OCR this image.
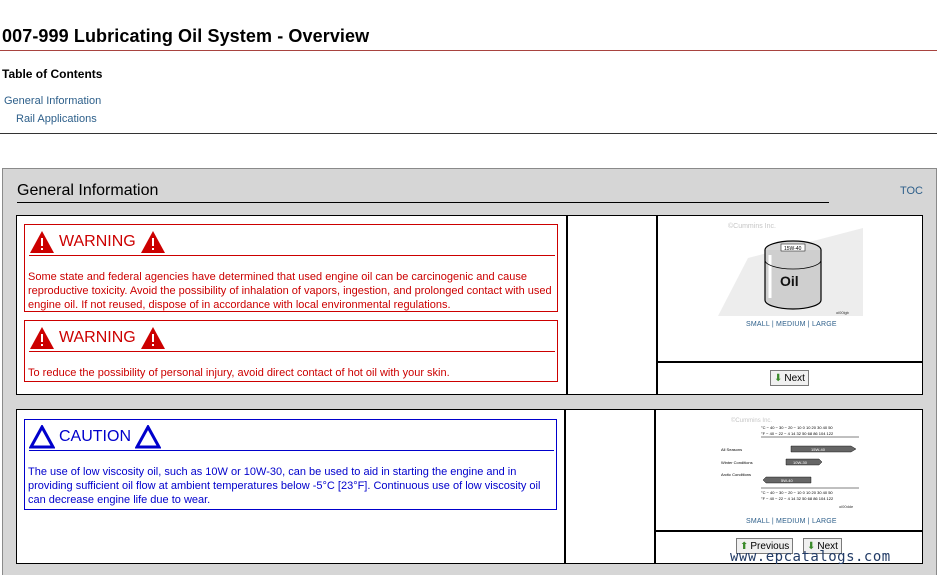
007-999 Lubricating Oil System - Overview
Table of Contents
General Information
Rail Applications
General Information	TOC
WARNING
Some state and federal agencies have determined that used engine oil can be carcinogenic and cause reproductive toxicity. Avoid the possibility of inhalation of vapors, ingestion, and prolonged contact with used engine oil. If not reused, dispose of in accordance with local environmental regulations.
WARNING
To reduce the possibility of personal injury, avoid direct contact of hot oil with your skin.
©Cummins Inc.
15W-40
Oil
oi00lgb
SMALL | MEDIUM | LARGE
⬇ Next
CAUTION
The use of low viscosity oil, such as 10W or 10W-30, can be used to aid in starting the engine and in providing sufficient oil flow at ambient temperatures below -5°C [23°F]. Continuous use of low viscosity oil can decrease engine life due to wear.
©Cummins Inc.
°C − 40 − 30 − 20 − 10 0 10 20 30 40 50
°F − 40 − 22 − 4 14 32 50 68 86 104 122
All Seasons
Winter Conditions
Arctic Conditions
15W-40
10W-30
5W-40
°C − 40 − 30 − 20 − 10 0 10 20 30 40 50
°F − 40 − 22 − 4 14 32 50 68 86 104 122
oi00dde
SMALL | MEDIUM | LARGE
⬆ Previous ⬇ Next
www.epcatalogs.com
